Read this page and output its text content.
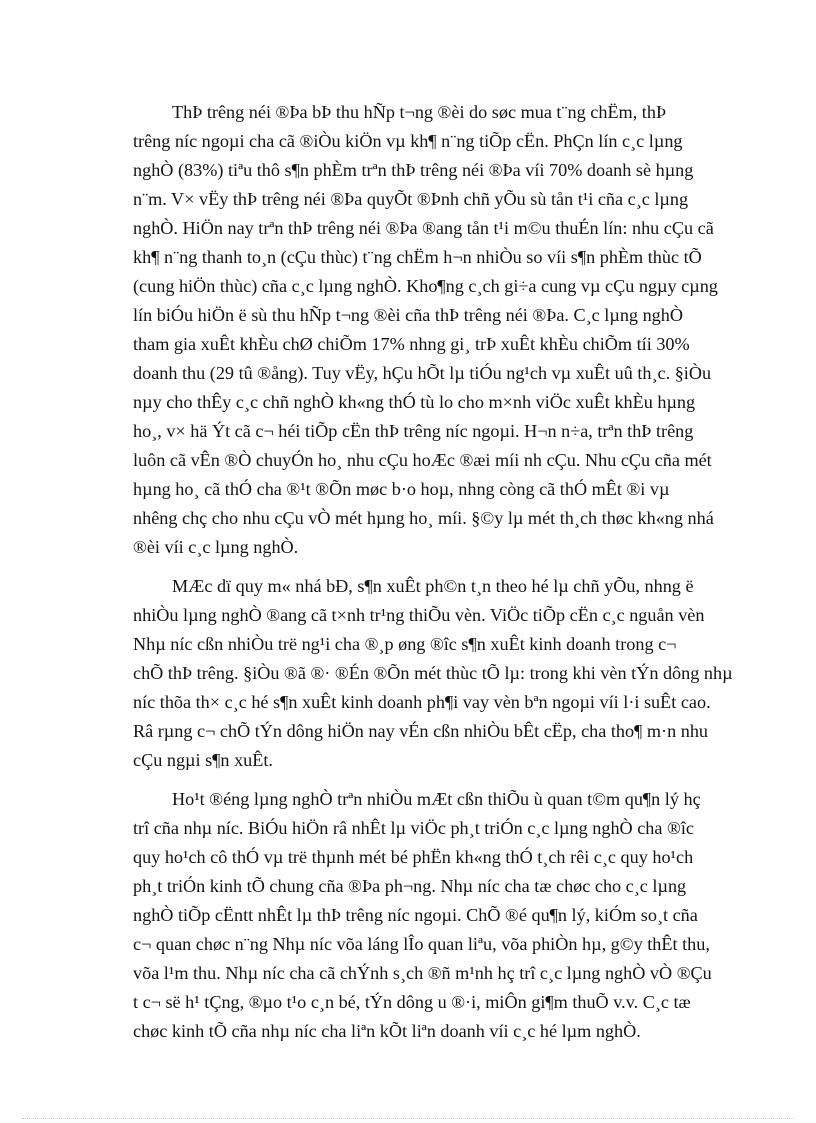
ThÞ trêng néi ®Þa bÞ thu hÑp t¬ng ®èi do søc mua t¨ng chËm, thÞ
trêng níc ngoµi cha cã ®iÒu kiÖn vµ kh¶ n¨ng tiÕp cËn. PhÇn lín c¸c lµng
nghÒ (83%) tiªu thô s¶n phÈm trªn thÞ trêng néi ®Þa víi 70% doanh sè hµng
n¨m. V× vËy thÞ trêng néi ®Þa quyÕt ®Þnh chñ yÕu sù tån t¹i cña c¸c lµng
nghÒ. HiÖn nay trªn thÞ trêng néi ®Þa ®ang tån t¹i m©u thuÉn lín: nhu cÇu cã
kh¶ n¨ng thanh to¸n (cÇu thùc) t¨ng chËm h¬n nhiÒu so víi s¶n phÈm thùc tÕ
(cung hiÖn thùc) cña c¸c lµng nghÒ. Kho¶ng c¸ch gi÷a cung vµ cÇu ngµy cµng
lín biÓu hiÖn ë sù thu hÑp t¬ng ®èi cña thÞ trêng néi ®Þa. C¸c lµng nghÒ
tham gia xuÊt khÈu chØ chiÕm 17% nhng gi¸ trÞ xuÊt khÈu chiÕm tíi 30%
doanh thu (29 tû ®ång). Tuy vËy, hÇu hÕt lµ tiÓu ng¹ch vµ xuÊt uû th¸c. §iÒu
nµy cho thÊy c¸c chñ nghÒ kh«ng thÓ tù lo cho m×nh viÖc xuÊt khÈu hµng
ho¸, v× hä Ýt cã c¬ héi tiÕp cËn thÞ trêng níc ngoµi. H¬n n÷a, trªn thÞ trêng
luôn cã vÊn ®Ò chuyÓn ho¸ nhu cÇu hoÆc ®æi míi nh cÇu. Nhu cÇu cña mét
hµng ho¸ cã thÓ cha ®¹t ®Õn møc b·o hoµ, nhng còng cã thÓ mÊt ®i vµ
nhêng chç cho nhu cÇu vÒ mét hµng ho¸ míi. §©y lµ mét th¸ch thøc kh«ng nhá
®èi víi c¸c lµng nghÒ.
MÆc dï quy m« nhá bÐ, s¶n xuÊt ph©n t¸n theo hé lµ chñ yÕu, nhng ë
nhiÒu lµng nghÒ ®ang cã t×nh tr¹ng thiÕu vèn. ViÖc tiÕp cËn c¸c nguån vèn
Nhµ níc cßn nhiÒu trë ng¹i cha ®¸p øng ®îc s¶n xuÊt kinh doanh trong c¬
chÕ thÞ trêng. §iÒu ®ã ®· ®Én ®Õn mét thùc tÕ lµ: trong khi vèn tÝn dông nhµ
níc thõa th× c¸c hé s¶n xuÊt kinh doanh ph¶i vay vèn bªn ngoµi víi l·i suÊt cao.
Râ rµng c¬ chÕ tÝn dông hiÖn nay vÉn cßn nhiÒu bÊt cËp, cha tho¶ m·n nhu
cÇu ngµi s¶n xuÊt.
Ho¹t ®éng lµng nghÒ trªn nhiÒu mÆt cßn thiÕu ù quan t©m qu¶n lý hç
trî cña nhµ níc. BiÓu hiÖn râ nhÊt lµ viÖc ph¸t triÓn c¸c lµng nghÒ cha ®îc
quy ho¹ch cô thÓ vµ trë thµnh mét bé phËn kh«ng thÓ t¸ch rêi c¸c quy ho¹ch
ph¸t triÓn kinh tÕ chung cña ®Þa ph¬ng. Nhµ níc cha tæ chøc cho c¸c lµng
nghÒ tiÕp cËntt nhÊt lµ thÞ trêng níc ngoµi. ChÕ ®é qu¶n lý, kiÓm so¸t cña
c¬ quan chøc n¨ng Nhµ níc võa láng lÎo quan liªu, võa phiÒn hµ, g©y thÊt thu,
võa l¹m thu. Nhµ níc cha cã chÝnh s¸ch ®ñ m¹nh hç trî c¸c lµng nghÒ vÒ ®Çu
t c¬ së h¹ tÇng, ®µo t¹o c¸n bé, tÝn dông u ®·i, miÔn gi¶m thuÕ v.v. C¸c tæ
chøc kinh tÕ cña nhµ níc cha liªn kÕt liªn doanh víi c¸c hé lµm nghÒ.
